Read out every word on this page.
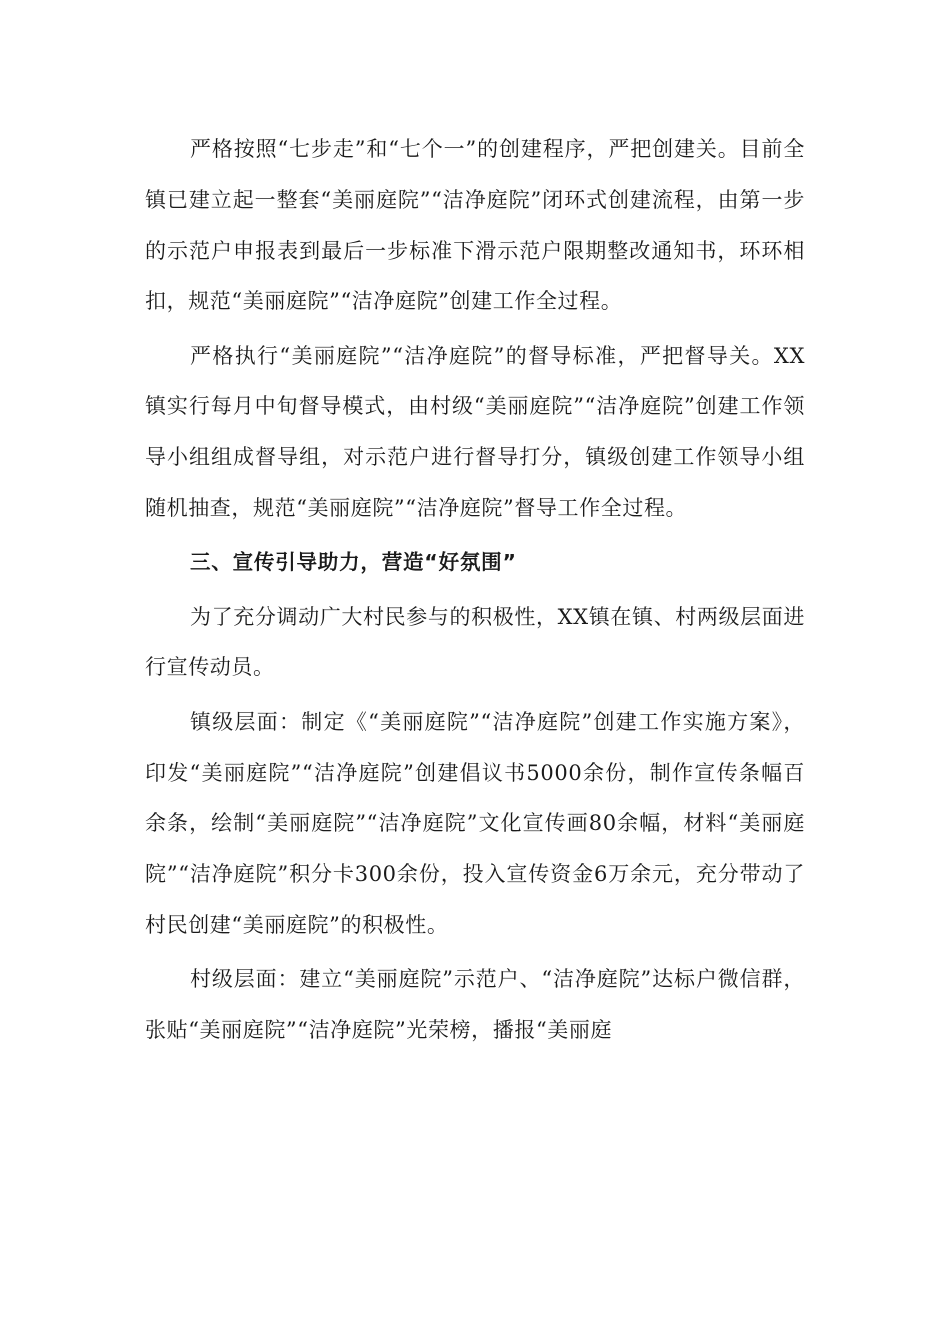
严格按照“七步走”和“七个一”的创建程序，严把创建关。目前全镇已建立起一整套“美丽庭院”“洁净庭院”闭环式创建流程，由第一步的示范户申报表到最后一步标准下滑示范户限期整改通知书，环环相扣，规范“美丽庭院”“洁净庭院”创建工作全过程。

严格执行“美丽庭院”“洁净庭院”的督导标准，严把督导关。XX镇实行每月中旬督导模式，由村级“美丽庭院”“洁净庭院”创建工作领导小组组成督导组，对示范户进行督导打分，镇级创建工作领导小组随机抽查，规范“美丽庭院”“洁净庭院”督导工作全过程。

三、宣传引导助力，营造“好氛围”

为了充分调动广大村民参与的积极性，XX镇在镇、村两级层面进行宣传动员。

镇级层面：制定《“美丽庭院”“洁净庭院”创建工作实施方案》，印发“美丽庭院”“洁净庭院”创建倡议书5000余份，制作宣传条幅百余条，绘制“美丽庭院”“洁净庭院”文化宣传画80余幅，材料“美丽庭院”“洁净庭院”积分卡300余份，投入宣传资金6万余元，充分带动了村民创建“美丽庭院”的积极性。

村级层面：建立“美丽庭院”示范户、“洁净庭院”达标户微信群，张贴“美丽庭院”“洁净庭院”光荣榜，播报“美丽庭
